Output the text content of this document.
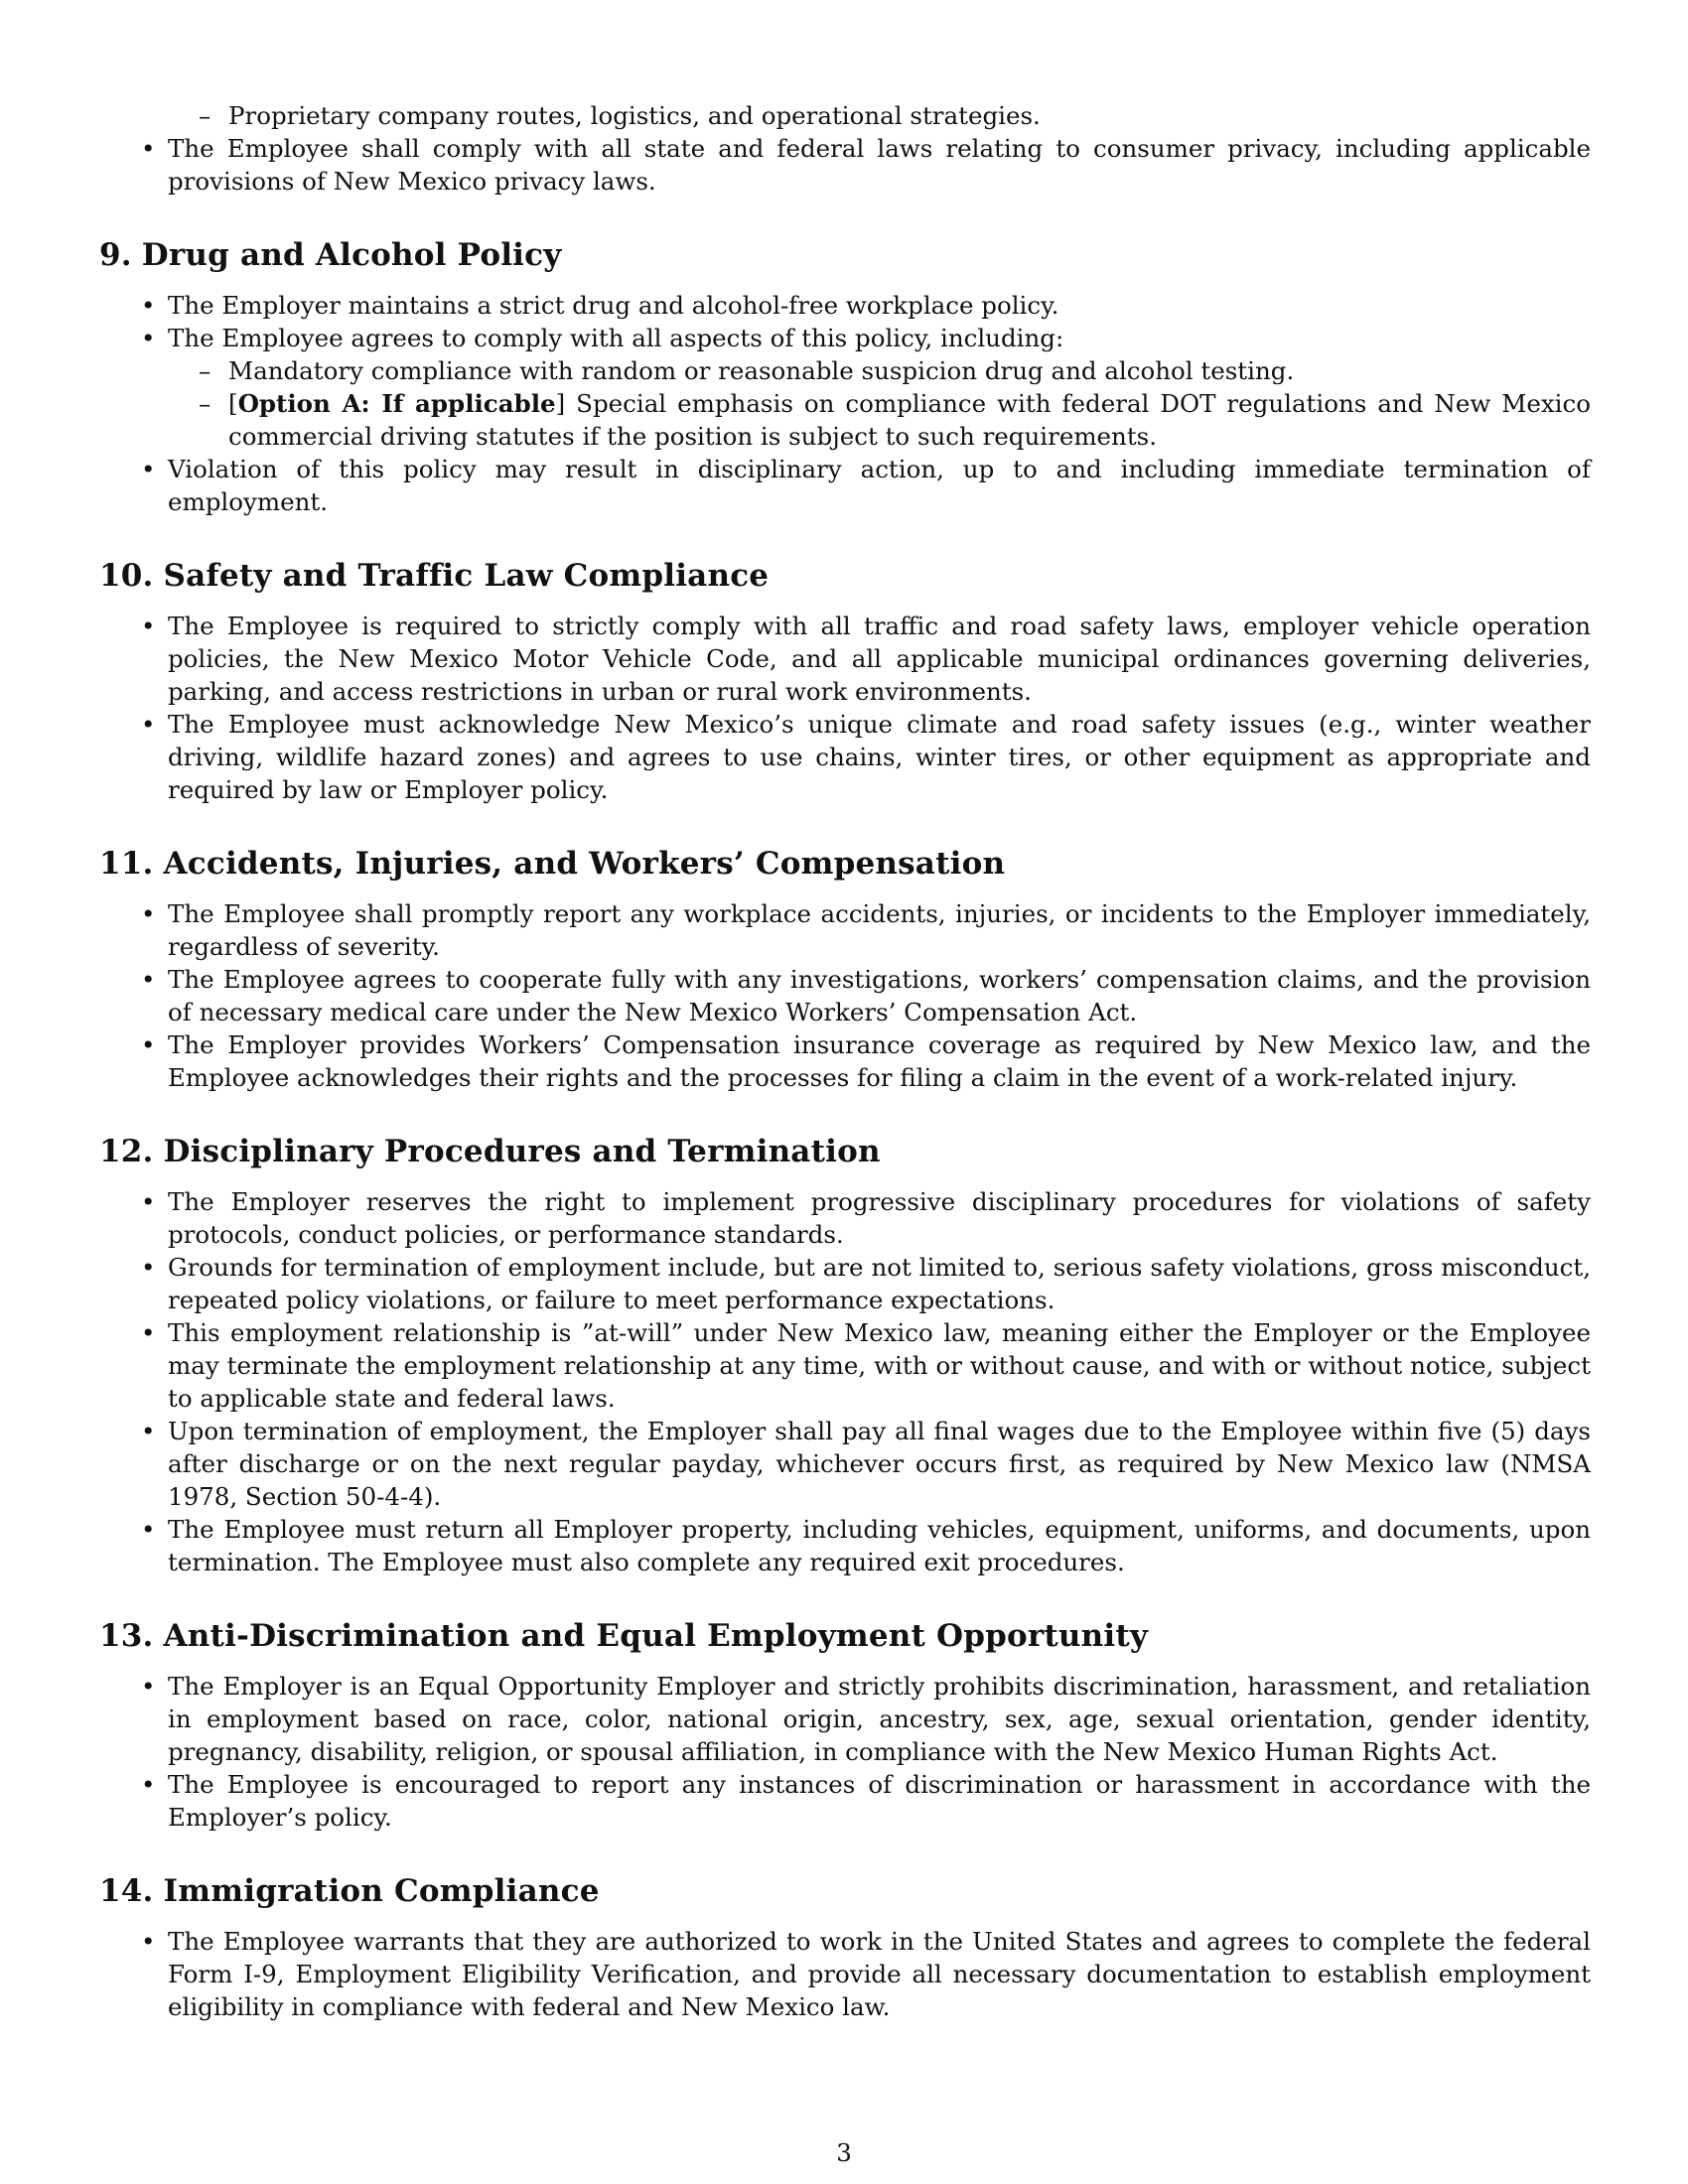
– Proprietary company routes, logistics, and operational strategies.
• The Employee shall comply with all state and federal laws relating to consumer privacy, including applicable provisions of New Mexico privacy laws.
9. Drug and Alcohol Policy
• The Employer maintains a strict drug and alcohol-free workplace policy.
• The Employee agrees to comply with all aspects of this policy, including:
– Mandatory compliance with random or reasonable suspicion drug and alcohol testing.
– [Option A: If applicable] Special emphasis on compliance with federal DOT regulations and New Mexico commercial driving statutes if the position is subject to such requirements.
• Violation of this policy may result in disciplinary action, up to and including immediate termination of employment.
10. Safety and Traffic Law Compliance
• The Employee is required to strictly comply with all traffic and road safety laws, employer vehicle operation policies, the New Mexico Motor Vehicle Code, and all applicable municipal ordinances governing deliveries, parking, and access restrictions in urban or rural work environments.
• The Employee must acknowledge New Mexico’s unique climate and road safety issues (e.g., winter weather driving, wildlife hazard zones) and agrees to use chains, winter tires, or other equipment as appropriate and required by law or Employer policy.
11. Accidents, Injuries, and Workers’ Compensation
• The Employee shall promptly report any workplace accidents, injuries, or incidents to the Employer immediately, regardless of severity.
• The Employee agrees to cooperate fully with any investigations, workers’ compensation claims, and the provision of necessary medical care under the New Mexico Workers’ Compensation Act.
• The Employer provides Workers’ Compensation insurance coverage as required by New Mexico law, and the Employee acknowledges their rights and the processes for filing a claim in the event of a work-related injury.
12. Disciplinary Procedures and Termination
• The Employer reserves the right to implement progressive disciplinary procedures for violations of safety protocols, conduct policies, or performance standards.
• Grounds for termination of employment include, but are not limited to, serious safety violations, gross misconduct, repeated policy violations, or failure to meet performance expectations.
• This employment relationship is ”at-will” under New Mexico law, meaning either the Employer or the Employee may terminate the employment relationship at any time, with or without cause, and with or without notice, subject to applicable state and federal laws.
• Upon termination of employment, the Employer shall pay all final wages due to the Employee within five (5) days after discharge or on the next regular payday, whichever occurs first, as required by New Mexico law (NMSA 1978, Section 50-4-4).
• The Employee must return all Employer property, including vehicles, equipment, uniforms, and documents, upon termination. The Employee must also complete any required exit procedures.
13. Anti-Discrimination and Equal Employment Opportunity
• The Employer is an Equal Opportunity Employer and strictly prohibits discrimination, harassment, and retaliation in employment based on race, color, national origin, ancestry, sex, age, sexual orientation, gender identity, pregnancy, disability, religion, or spousal affiliation, in compliance with the New Mexico Human Rights Act.
• The Employee is encouraged to report any instances of discrimination or harassment in accordance with the Employer’s policy.
14. Immigration Compliance
• The Employee warrants that they are authorized to work in the United States and agrees to complete the federal Form I-9, Employment Eligibility Verification, and provide all necessary documentation to establish employment eligibility in compliance with federal and New Mexico law.
3
